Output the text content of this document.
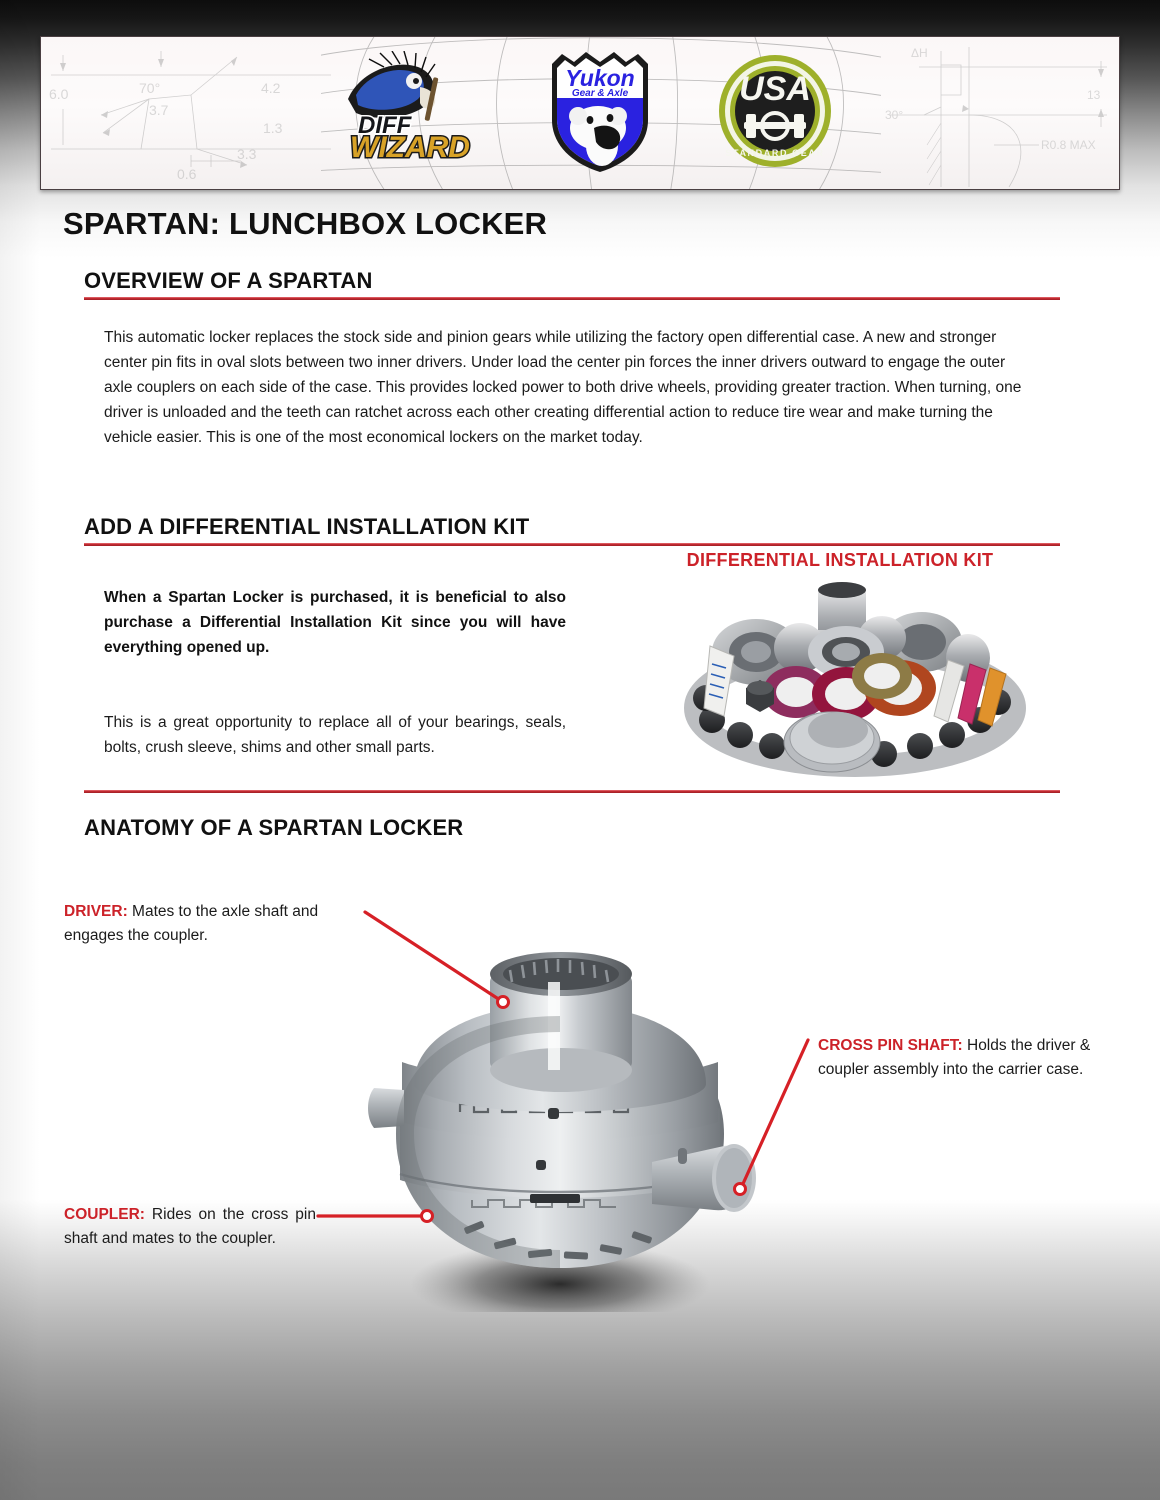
6.0	70°
3.7
4.2
1.3
3.3
0.6
ΔH
30°
13
R0.8 MAX
DIFF
WIZARD
Yukon
Gear & Axle	USA
STANDARD GEAR
SPARTAN: LUNCHBOX LOCKER
OVERVIEW OF A SPARTAN
This automatic locker replaces the stock side and pinion gears while utilizing the factory open differential case. A new and stronger center pin fits in oval slots between two inner drivers. Under load the center pin forces the inner drivers outward to engage the outer axle couplers on each side of the case. This provides locked power to both drive wheels, providing greater traction. When turning, one driver is unloaded and the teeth can ratchet across each other creating differential action to reduce tire wear and make turning the vehicle easier. This is one of the most economical lockers on the market today.
ADD A DIFFERENTIAL INSTALLATION KIT
When a Spartan Locker is purchased, it is beneficial to also purchase a Differential Installation Kit since you will have everything opened up.
This is a great opportunity to replace all of your bearings, seals, bolts, crush sleeve, shims and other small parts.
DIFFERENTIAL INSTALLATION KIT
ANATOMY OF A SPARTAN LOCKER
DRIVER: Mates to the axle shaft and engages the coupler.
CROSS PIN SHAFT: Holds the driver & coupler assembly into the carrier case.
COUPLER: Rides on the cross pin shaft and mates to the coupler.
